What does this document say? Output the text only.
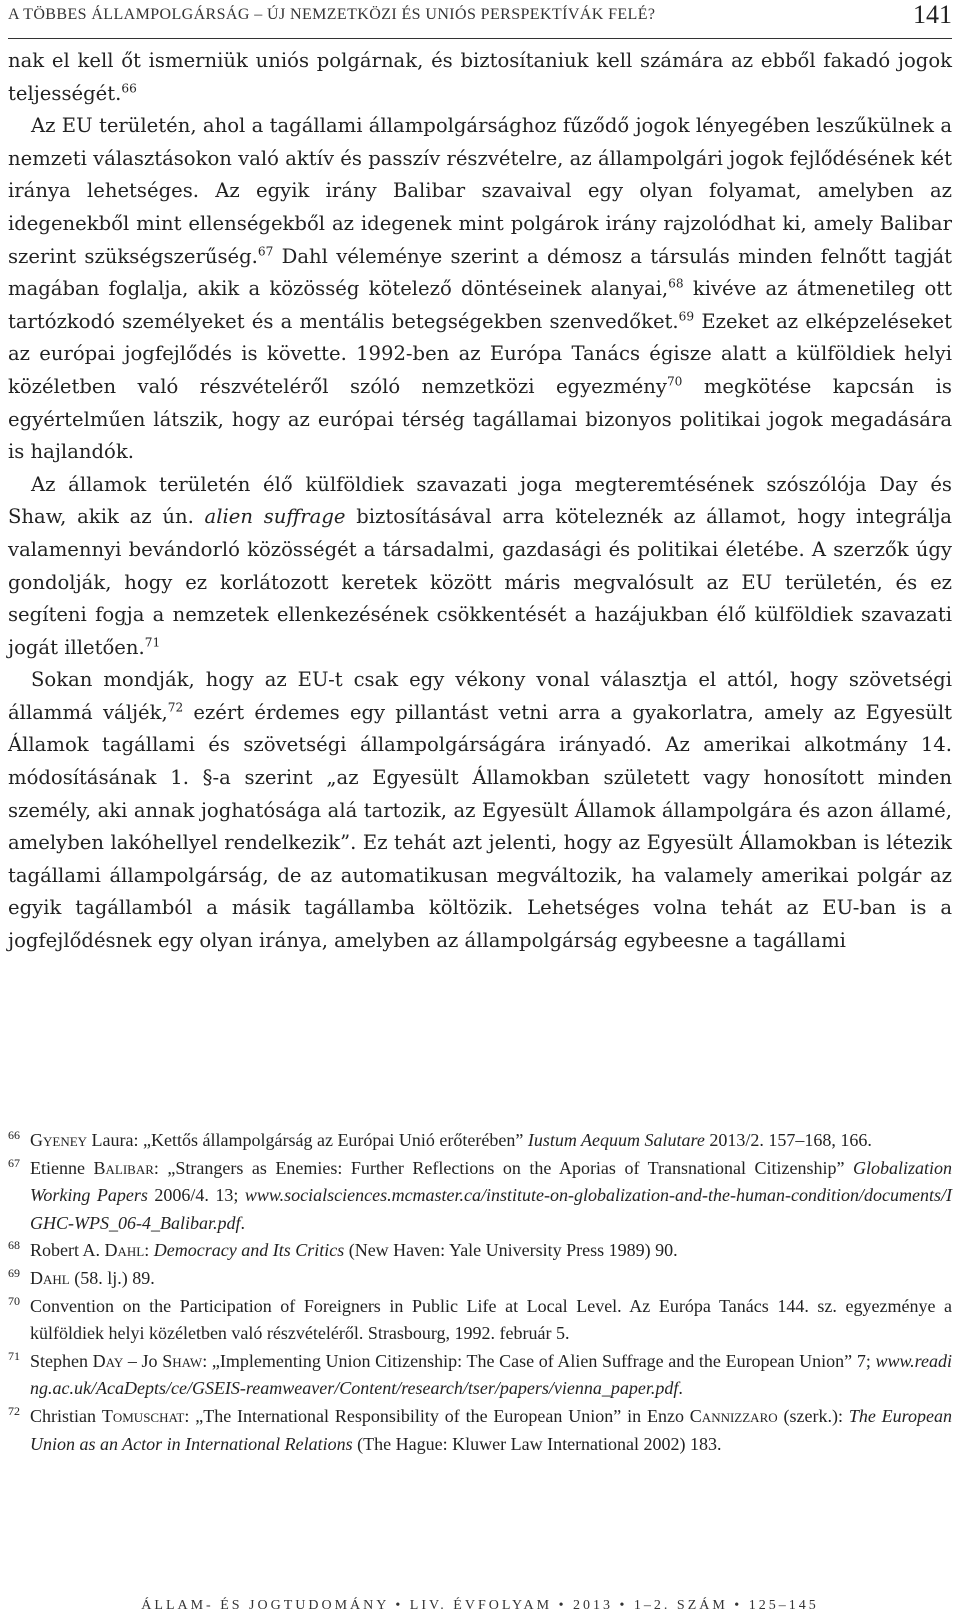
A TÖBBES ÁLLAMPOLGÁRSÁG – ÚJ NEMZETKÖZI ÉS UNIÓS PERSPEKTÍVÁK FELÉ?	141

nak el kell őt ismerniük uniós polgárnak, és biztosítaniuk kell számára az ebből fakadó jogok teljességét.$^{66}$

Az EU területén, ahol a tagállami állampolgársághoz fűződő jogok lényegében leszűkülnek a nemzeti választásokon való aktív és passzív részvételre, az állampolgári jogok fejlődésének két iránya lehetséges. Az egyik irány Balibar szavaival egy olyan folyamat, amelyben az idegenekből mint ellenségekből az idegenek mint polgárok irány rajzolódhat ki, amely Balibar szerint szükségszerűség.$^{67}$ Dahl véleménye szerint a démosz a társulás minden felnőtt tagját magában foglalja, akik a közösség kötelező döntéseinek alanyai,$^{68}$ kivéve az átmenetileg ott tartózkodó személyeket és a mentális betegségekben szenvedőket.$^{69}$ Ezeket az elképzeléseket az európai jogfejlődés is követte. 1992-ben az Európa Tanács égisze alatt a külföldiek helyi közéletben való részvételéről szóló nemzetközi egyezmény$^{70}$ megkötése kapcsán is egyértelműen látszik, hogy az európai térség tagállamai bizonyos politikai jogok megadására is hajlandók.

Az államok területén élő külföldiek szavazati joga megteremtésének szószólója Day és Shaw, akik az ún. alien suffrage biztosításával arra köteleznék az államot, hogy integrálja valamennyi bevándorló közösségét a társadalmi, gazdasági és politikai életébe. A szerzők úgy gondolják, hogy ez korlátozott keretek között máris megvalósult az EU területén, és ez segíteni fogja a nemzetek ellenkezésének csökkentését a hazájukban élő külföldiek szavazati jogát illetően.$^{71}$

Sokan mondják, hogy az EU-t csak egy vékony vonal választja el attól, hogy szövetségi állammá váljék,$^{72}$ ezért érdemes egy pillantást vetni arra a gyakorlatra, amely az Egyesült Államok tagállami és szövetségi állampolgárságára irányadó. Az amerikai alkotmány 14. módosításának 1. §-a szerint „az Egyesült Államokban született vagy honosított minden személy, aki annak joghatósága alá tartozik, az Egyesült Államok állampolgára és azon államé, amelyben lakóhellyel rendelkezik”. Ez tehát azt jelenti, hogy az Egyesült Államokban is létezik tagállami állampolgárság, de az automatikusan megváltozik, ha valamely amerikai polgár az egyik tagállamból a másik tagállamba költözik. Lehetséges volna tehát az EU-ban is a jogfejlődésnek egy olyan iránya, amelyben az állampolgárság egybeesne a tagállami

66 Gyeney Laura: „Kettős állampolgárság az Európai Unió erőterében” Iustum Aequum Salutare 2013/2. 157–168, 166.

67 Etienne Balibar: „Strangers as Enemies: Further Reflections on the Aporias of Transnational Citizenship” Globalization Working Papers 2006/4. 13; www.socialsciences.mcmaster.ca/institute-on-globalization-and-the-human-condition/documents/IGHC-WPS_06-4_Balibar.pdf.

68 Robert A. Dahl: Democracy and Its Critics (New Haven: Yale University Press 1989) 90.

69 Dahl (58. lj.) 89.

70 Convention on the Participation of Foreigners in Public Life at Local Level. Az Európa Tanács 144. sz. egyezménye a külföldiek helyi közéletben való részvételéről. Strasbourg, 1992. február 5.

71 Stephen Day – Jo Shaw: „Implementing Union Citizenship: The Case of Alien Suffrage and the European Union” 7; www.reading.ac.uk/AcaDepts/ce/GSEIS-reamweaver/Content/research/tser/papers/vienna_paper.pdf.

72 Christian Tomuschat: „The International Responsibility of the European Union” in Enzo Cannizzaro (szerk.): The European Union as an Actor in International Relations (The Hague: Kluwer Law International 2002) 183.

ÁLLAM- ÉS JOGTUDOMÁNY • LIV. ÉVFOLYAM • 2013 • 1–2. SZÁM • 125–145
